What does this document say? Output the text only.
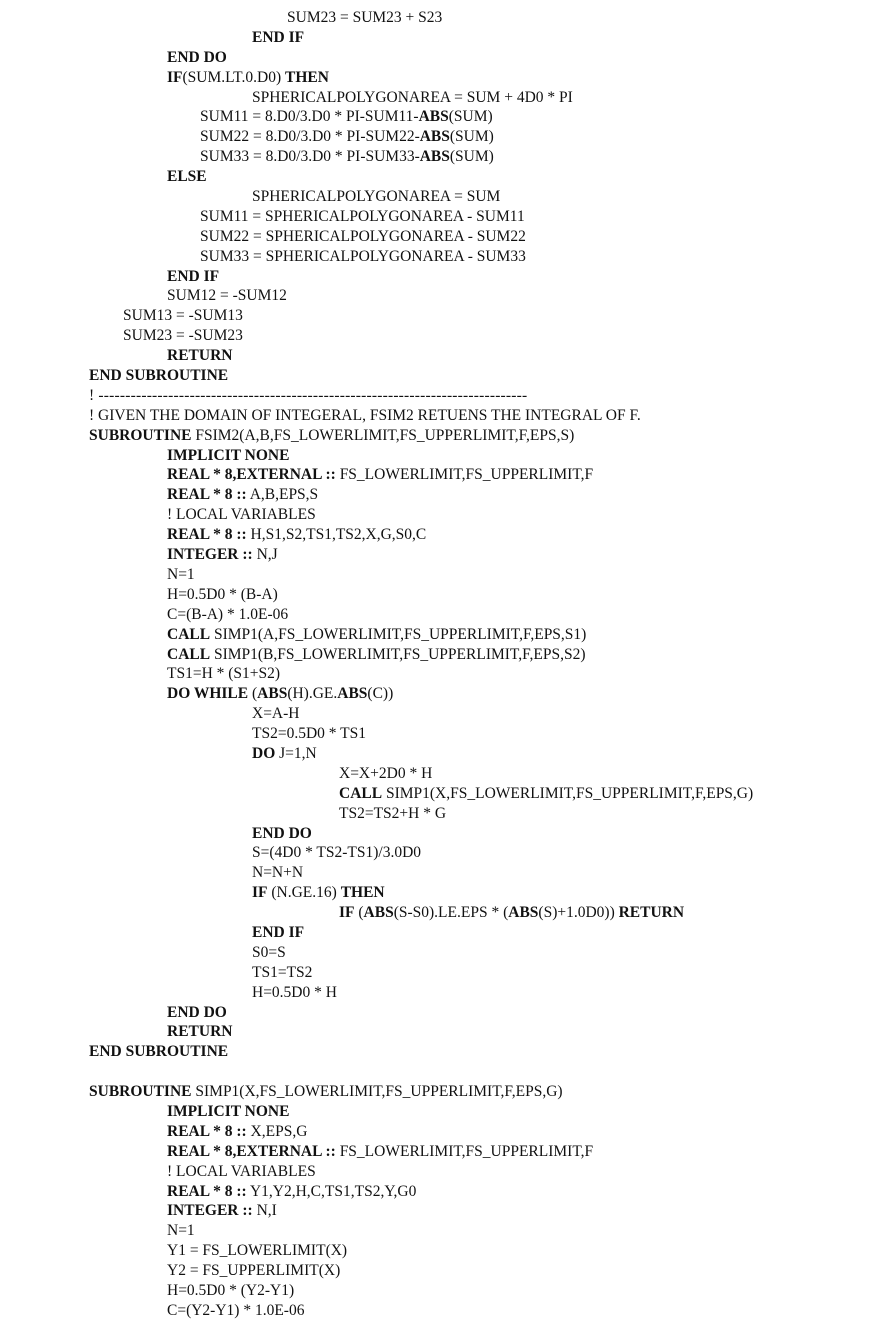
SUM23 = SUM23 + S23
END IF
END DO
IF(SUM.LT.0.D0) THEN
SPHERICALPOLYGONAREA = SUM + 4D0 * PI
SUM11 = 8.D0/3.D0 * PI-SUM11-ABS(SUM)
SUM22 = 8.D0/3.D0 * PI-SUM22-ABS(SUM)
SUM33 = 8.D0/3.D0 * PI-SUM33-ABS(SUM)
ELSE
SPHERICALPOLYGONAREA = SUM
SUM11 = SPHERICALPOLYGONAREA - SUM11
SUM22 = SPHERICALPOLYGONAREA - SUM22
SUM33 = SPHERICALPOLYGONAREA - SUM33
END IF
SUM12 = -SUM12
SUM13 = -SUM13
SUM23 = -SUM23
RETURN
END SUBROUTINE
! --------------------------------------------------------------------------------
! GIVEN THE DOMAIN OF INTEGERAL, FSIM2 RETUENS THE INTEGRAL OF F.
SUBROUTINE FSIM2(A,B,FS_LOWERLIMIT,FS_UPPERLIMIT,F,EPS,S)
IMPLICIT NONE
REAL * 8,EXTERNAL :: FS_LOWERLIMIT,FS_UPPERLIMIT,F
REAL * 8 :: A,B,EPS,S
! LOCAL VARIABLES
REAL * 8 :: H,S1,S2,TS1,TS2,X,G,S0,C
INTEGER :: N,J
N=1
H=0.5D0 * (B-A)
C=(B-A) * 1.0E-06
CALL SIMP1(A,FS_LOWERLIMIT,FS_UPPERLIMIT,F,EPS,S1)
CALL SIMP1(B,FS_LOWERLIMIT,FS_UPPERLIMIT,F,EPS,S2)
TS1=H * (S1+S2)
DO WHILE (ABS(H).GE.ABS(C))
X=A-H
TS2=0.5D0 * TS1
DO J=1,N
X=X+2D0 * H
CALL SIMP1(X,FS_LOWERLIMIT,FS_UPPERLIMIT,F,EPS,G)
TS2=TS2+H * G
END DO
S=(4D0 * TS2-TS1)/3.0D0
N=N+N
IF (N.GE.16) THEN
IF (ABS(S-S0).LE.EPS * (ABS(S)+1.0D0)) RETURN
END IF
S0=S
TS1=TS2
H=0.5D0 * H
END DO
RETURN
END SUBROUTINE
SUBROUTINE SIMP1(X,FS_LOWERLIMIT,FS_UPPERLIMIT,F,EPS,G)
IMPLICIT NONE
REAL * 8 :: X,EPS,G
REAL * 8,EXTERNAL :: FS_LOWERLIMIT,FS_UPPERLIMIT,F
! LOCAL VARIABLES
REAL * 8 :: Y1,Y2,H,C,TS1,TS2,Y,G0
INTEGER :: N,I
N=1
Y1 = FS_LOWERLIMIT(X)
Y2 = FS_UPPERLIMIT(X)
H=0.5D0 * (Y2-Y1)
C=(Y2-Y1) * 1.0E-06
